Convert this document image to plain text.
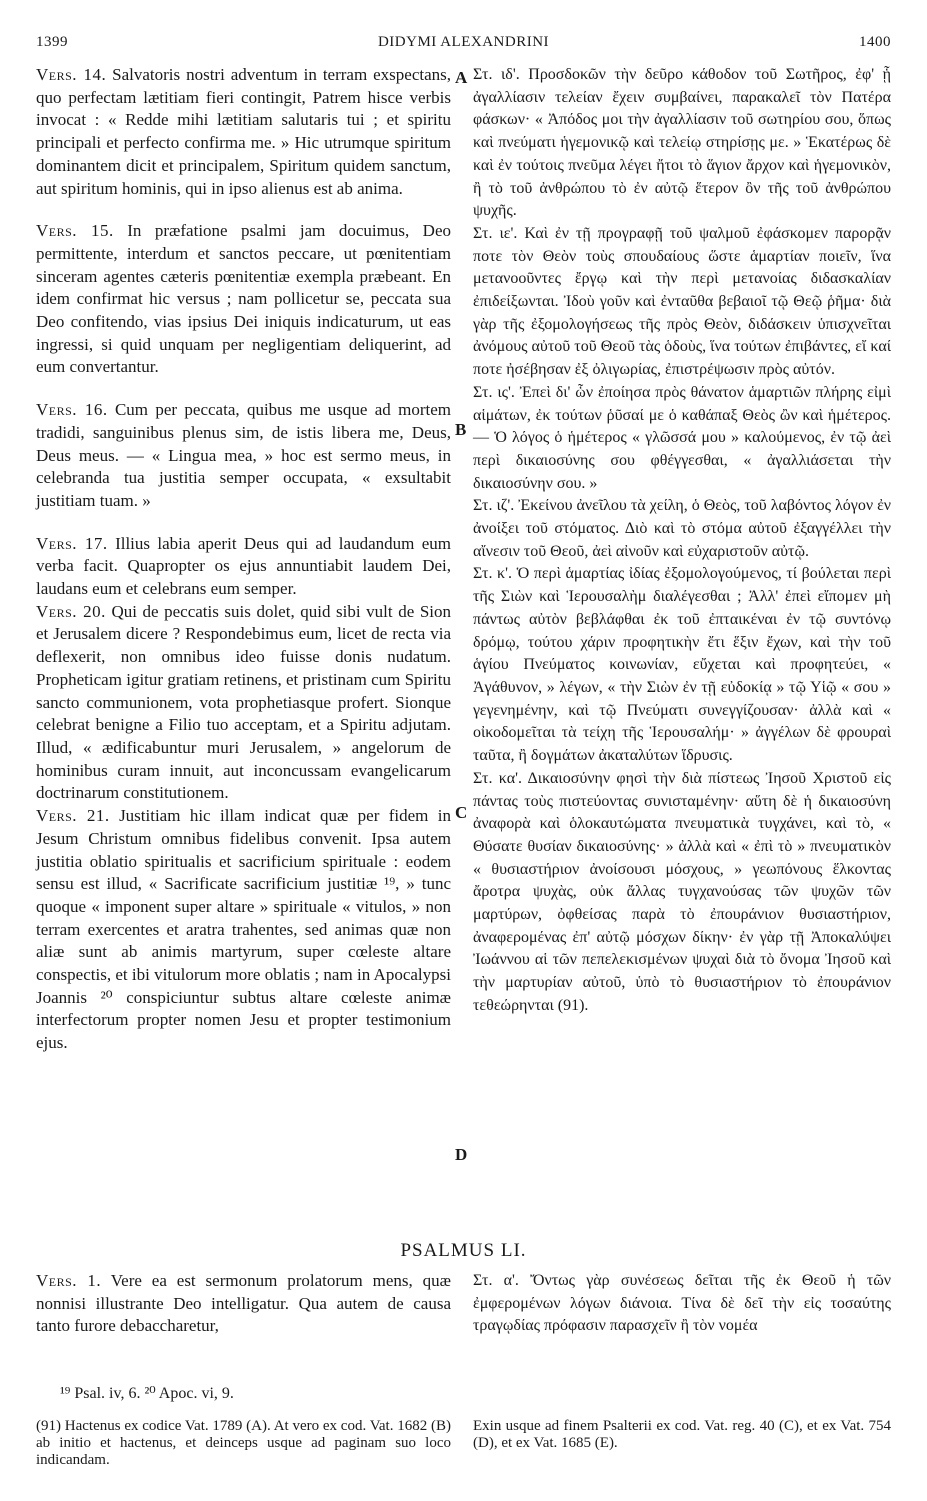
1399	DIDYMI ALEXANDRINI	1400

Vers. 14. Salvatoris nostri adventum in terram exspectans, quo perfectam lætitiam fieri contingit, Patrem hisce verbis invocat : « Redde mihi lætitiam salutaris tui ; et spiritu principali et perfecto confirma me. » Hic utrumque spiritum dominantem dicit et principalem, Spiritum quidem sanctum, aut spiritum hominis, qui in ipso alienus est ab anima.

Vers. 15. In præfatione psalmi jam docuimus, Deo permittente, interdum et sanctos peccare, ut pœnitentiam sinceram agentes cæteris pœnitentiæ exempla præbeant. En idem confirmat hic versus ; nam pollicetur se, peccata sua Deo confitendo, vias ipsius Dei iniquis indicaturum, ut eas ingressi, si quid unquam per negligentiam deliquerint, ad eum convertantur.

Vers. 16. Cum per peccata, quibus me usque ad mortem tradidi, sanguinibus plenus sim, de istis libera me, Deus, Deus meus. — « Lingua mea, » hoc est sermo meus, in celebranda tua justitia semper occupata, « exsultabit justitiam tuam. »

Vers. 17. Illius labia aperit Deus qui ad laudandum eum verba facit. Quapropter os ejus annuntiabit laudem Dei, laudans eum et celebrans eum semper.

Vers. 20. Qui de peccatis suis dolet, quid sibi vult de Sion et Jerusalem dicere ? Respondebimus eum, licet de recta via deflexerit, non omnibus ideo fuisse donis nudatum. Propheticam igitur gratiam retinens, et pristinam cum Spiritu sancto communionem, vota prophetiasque profert. Sionque celebrat benigne a Filio tuo acceptam, et a Spiritu adjutam. Illud, « ædificabuntur muri Jerusalem, » angelorum de hominibus curam innuit, aut inconcussam evangelicarum doctrinarum constitutionem.

Vers. 21. Justitiam hic illam indicat quæ per fidem in Jesum Christum omnibus fidelibus convenit. Ipsa autem justitia oblatio spiritualis et sacrificium spirituale : eodem sensu est illud, « Sacrificate sacrificium justitiæ ¹⁹, » tunc quoque « imponent super altare » spirituale « vitulos, » non terram exercentes et aratra trahentes, sed animas quæ non aliæ sunt ab animis martyrum, super cœleste altare conspectis, et ibi vitulorum more oblatis ; nam in Apocalypsi Joannis ²⁰ conspiciuntur subtus altare cœleste animæ interfectorum propter nomen Jesu et propter testimonium ejus.

Στ. ιδ'. Προσδοκῶν τὴν δεῦρο κάθοδον τοῦ Σωτῆρος, ἐφ' ᾗ ἀγαλλίασιν τελείαν ἔχειν συμβαίνει, παρακαλεῖ τὸν Πατέρα φάσκων· « Ἀπόδος μοι τὴν ἀγαλλίασιν τοῦ σωτηρίου σου, ὅπως καὶ πνεύματι ἡγεμονικῷ καὶ τελείῳ στηρίσῃς με. » Ἑκατέρως δὲ καὶ ἐν τούτοις πνεῦμα λέγει ἤτοι τὸ ἅγιον ἄρχον καὶ ἡγεμονικὸν, ἢ τὸ τοῦ ἀνθρώπου τὸ ἐν αὐτῷ ἕτερον ὂν τῆς τοῦ ἀνθρώπου ψυχῆς.

Στ. ιε'. Καὶ ἐν τῇ προγραφῇ τοῦ ψαλμοῦ ἐφάσκομεν παρορᾷν ποτε τὸν Θεὸν τοὺς σπουδαίους ὥστε ἁμαρτίαν ποιεῖν, ἵνα μετανοοῦντες ἔργῳ καὶ τὴν περὶ μετανοίας διδασκαλίαν ἐπιδείξωνται. Ἰδοὺ γοῦν καὶ ἐνταῦθα βεβαιοῖ τῷ Θεῷ ῥῆμα· διὰ γὰρ τῆς ἐξομολογήσεως τῆς πρὸς Θεὸν, διδάσκειν ὑπισχνεῖται ἀνόμους αὐτοῦ τοῦ Θεοῦ τὰς ὁδοὺς, ἵνα τούτων ἐπιβάντες, εἴ καί ποτε ἠσέβησαν ἐξ ὀλιγωρίας, ἐπιστρέψωσιν πρὸς αὐτόν.

Στ. ις'. Ἐπεὶ δι' ὧν ἐποίησα πρὸς θάνατον ἁμαρτιῶν πλήρης εἰμὶ αἱμάτων, ἐκ τούτων ῥῦσαί με ὁ καθάπαξ Θεὸς ὢν καὶ ἡμέτερος.— Ὁ λόγος ὁ ἡμέτερος « γλῶσσά μου » καλούμενος, ἐν τῷ ἀεὶ περὶ δικαιοσύνης σου φθέγγεσθαι, « ἀγαλλιάσεται τὴν δικαιοσύνην σου. »

Στ. ιζ'. Ἐκείνου ἀνεῖλου τὰ χείλη, ὁ Θεὸς, τοῦ λαβόντος λόγον ἐν ἀνοίξει τοῦ στόματος. Διὸ καὶ τὸ στόμα αὐτοῦ ἐξαγγέλλει τὴν αἴνεσιν τοῦ Θεοῦ, ἀεὶ αἰνοῦν καὶ εὐχαριστοῦν αὐτῷ.

Στ. κ'. Ὁ περὶ ἁμαρτίας ἰδίας ἐξομολογούμενος, τί βούλεται περὶ τῆς Σιὼν καὶ Ἱερουσαλὴμ διαλέγεσθαι ; Ἀλλ' ἐπεὶ εἴπομεν μὴ πάντως αὐτὸν βεβλάφθαι ἐκ τοῦ ἐπταικέναι ἐν τῷ συντόνῳ δρόμῳ, τούτου χάριν προφητικὴν ἔτι ἕξιν ἔχων, καὶ τὴν τοῦ ἁγίου Πνεύματος κοινωνίαν, εὔχεται καὶ προφητεύει, « Ἀγάθυνον, » λέγων, « τὴν Σιὼν ἐν τῇ εὐδοκίᾳ » τῷ Υἱῷ « σου » γεγενημένην, καὶ τῷ Πνεύματι συνεγγίζουσαν· ἀλλὰ καὶ « οἰκοδομεῖται τὰ τείχη τῆς Ἱερουσαλήμ· » ἀγγέλων δὲ φρουραὶ ταῦτα, ἢ δογμάτων ἀκαταλύτων ἵδρυσις.

Στ. κα'. Δικαιοσύνην φησὶ τὴν διὰ πίστεως Ἰησοῦ Χριστοῦ εἰς πάντας τοὺς πιστεύοντας συνισταμένην· αὕτη δὲ ἡ δικαιοσύνη ἀναφορὰ καὶ ὁλοκαυτώματα πνευματικὰ τυγχάνει, καὶ τὸ, « Θύσατε θυσίαν δικαιοσύνης· » ἀλλὰ καὶ « ἐπὶ τὸ » πνευματικὸν « θυσιαστήριον ἀνοίσουσι μόσχους, » γεωπόνους ἕλκοντας ἄροτρα ψυχὰς, οὐκ ἄλλας τυγχανούσας τῶν ψυχῶν τῶν μαρτύρων, ὀφθείσας παρὰ τὸ ἐπουράνιον θυσιαστήριον, ἀναφερομένας ἐπ' αὐτῷ μόσχων δίκην· ἐν γὰρ τῇ Ἀποκαλύψει Ἰωάννου αἱ τῶν πεπελεκισμένων ψυχαὶ διὰ τὸ ὄνομα Ἰησοῦ καὶ τὴν μαρτυρίαν αὐτοῦ, ὑπὸ τὸ θυσιαστήριον τὸ ἐπουράνιον τεθεώρηνται (91).

A
B
C
D
PSALMUS LI.

Vers. 1. Vere ea est sermonum prolatorum mens, quæ nonnisi illustrante Deo intelligatur. Qua autem de causa tanto furore debaccharetur,

Στ. α'. Ὄντως γὰρ συνέσεως δεῖται τῆς ἐκ Θεοῦ ἡ τῶν ἐμφερομένων λόγων διάνοια. Τίνα δὲ δεῖ τὴν εἰς τοσαύτης τραγῳδίας πρόφασιν παρασχεῖν ἢ τὸν νομέα

¹⁹ Psal. iv, 6. ²⁰ Apoc. vi, 9.
(91) Hactenus ex codice Vat. 1789 (A). At vero ex cod. Vat. 1682 (B) ab initio et hactenus, et deinceps usque ad paginam suo loco indicandam.
Exin usque ad finem Psalterii ex cod. Vat. reg. 40 (C), et ex Vat. 754 (D), et ex Vat. 1685 (E).
